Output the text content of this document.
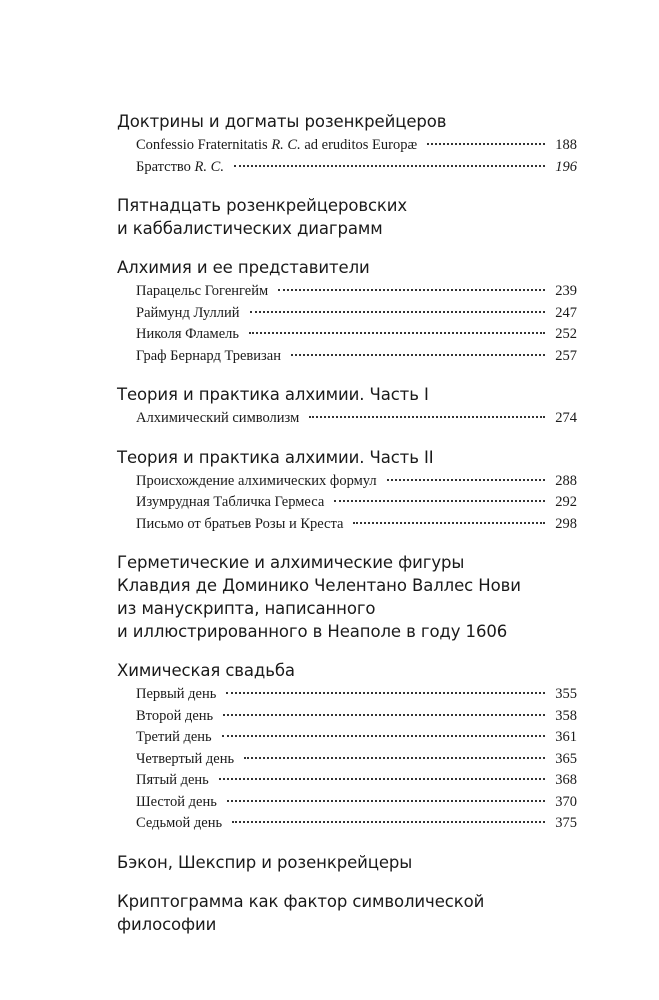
Доктрины и догматы розенкрейцеров

Confessio Fraternitatis R. C. ad eruditos Europæ	188
Братство R. C.	196

Пятнадцать розенкрейцеровских
и каббалистических диаграмм

Алхимия и ее представители

Парацельс Гогенгейм	239
Раймунд Луллий	247
Николя Фламель	252
Граф Бернард Тревизан	257

Теория и практика алхимии. Часть I

Алхимический символизм	274

Теория и практика алхимии. Часть II

Происхождение алхимических формул	288
Изумрудная Табличка Гермеса	292
Письмо от братьев Розы и Креста	298

Герметические и алхимические фигуры
Клавдия де Доминико Челентано Валлес Нови
из манускрипта, написанного
и иллюстрированного в Неаполе в году 1606

Химическая свадьба

Первый день	355
Второй день	358
Третий день	361
Четвертый день	365
Пятый день	368
Шестой день	370
Седьмой день	375

Бэкон, Шекспир и розенкрейцеры

Криптограмма как фактор символической философии
